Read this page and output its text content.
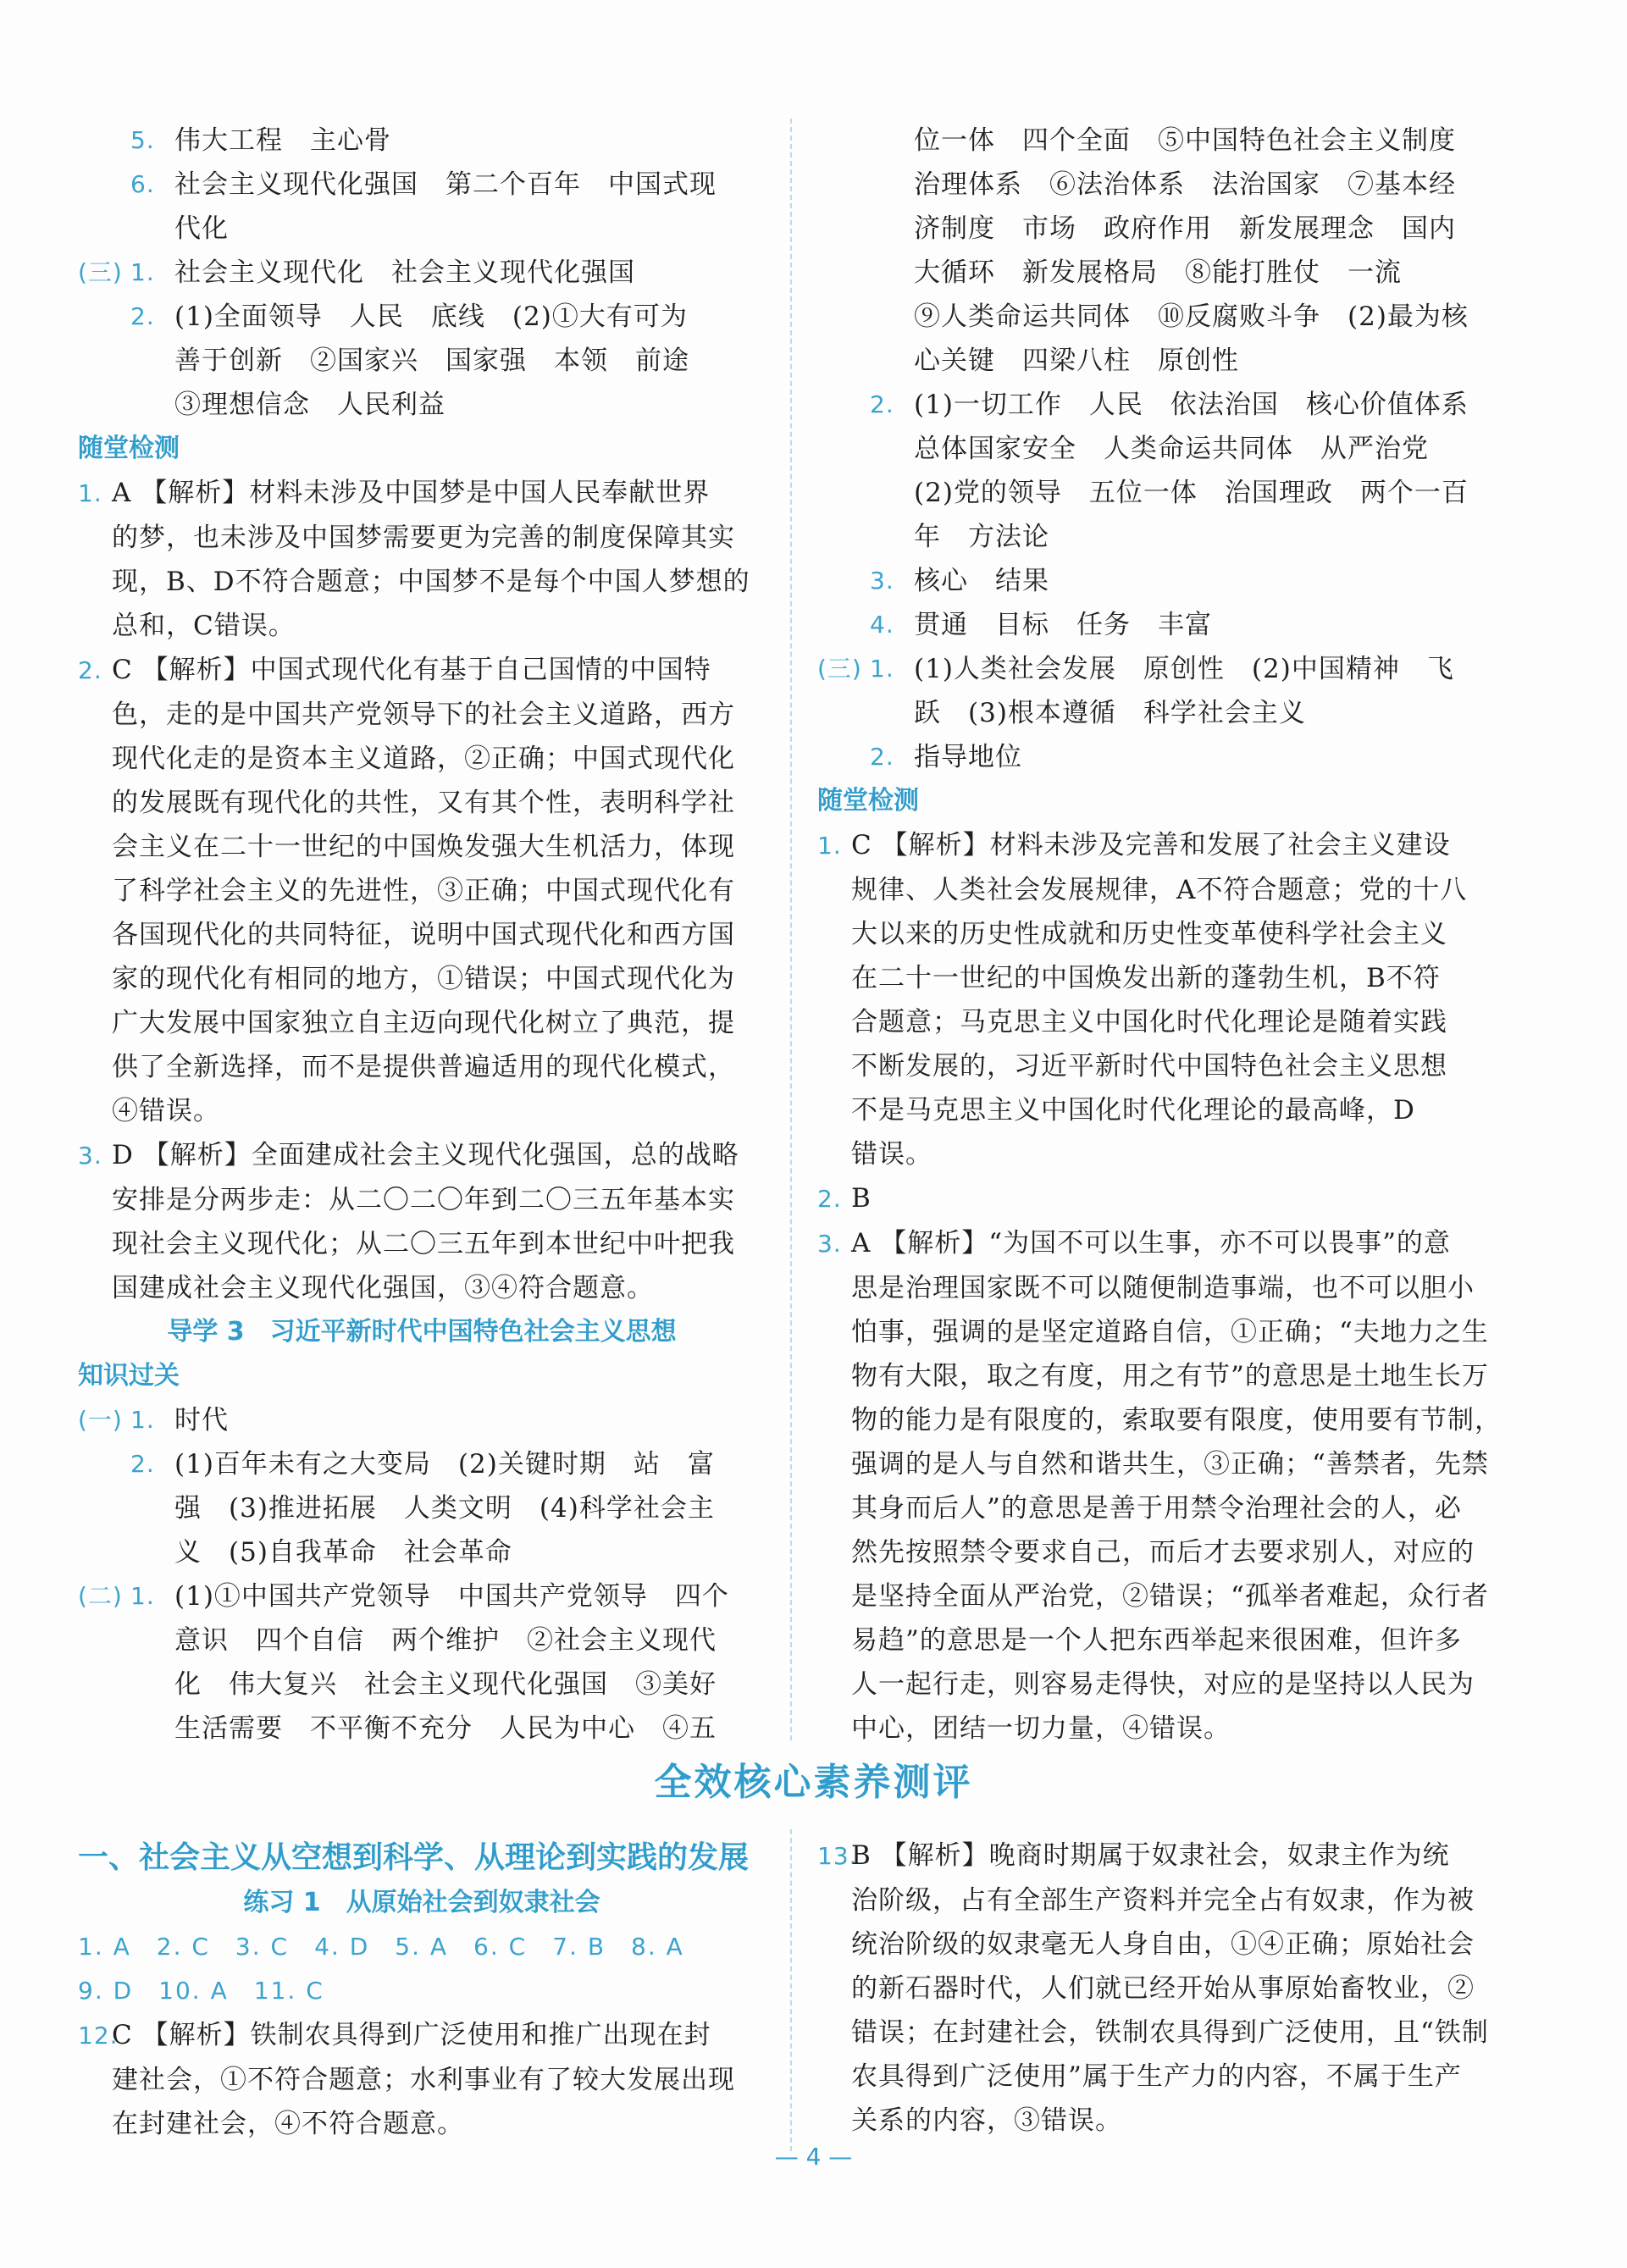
5. 伟大工程　主心骨
6. 社会主义现代化强国　第二个百年　中国式现
代化
(三) 1. 社会主义现代化　社会主义现代化强国
2. (1)全面领导　人民　底线　(2)①大有可为
善于创新　②国家兴　国家强　本领　前途
③理想信念　人民利益
随堂检测
1. A 【解析】材料未涉及中国梦是中国人民奉献世界
的梦，也未涉及中国梦需要更为完善的制度保障其实
现，B、D不符合题意；中国梦不是每个中国人梦想的
总和，C错误。
2. C 【解析】中国式现代化有基于自己国情的中国特
色，走的是中国共产党领导下的社会主义道路，西方
现代化走的是资本主义道路，②正确；中国式现代化
的发展既有现代化的共性，又有其个性，表明科学社
会主义在二十一世纪的中国焕发强大生机活力，体现
了科学社会主义的先进性，③正确；中国式现代化有
各国现代化的共同特征，说明中国式现代化和西方国
家的现代化有相同的地方，①错误；中国式现代化为
广大发展中国家独立自主迈向现代化树立了典范，提
供了全新选择，而不是提供普遍适用的现代化模式，
④错误。
3. D 【解析】全面建成社会主义现代化强国，总的战略
安排是分两步走：从二〇二〇年到二〇三五年基本实
现社会主义现代化；从二〇三五年到本世纪中叶把我
国建成社会主义现代化强国，③④符合题意。
导学 3　习近平新时代中国特色社会主义思想
知识过关
(一) 1. 时代
2. (1)百年未有之大变局　(2)关键时期　站　富
强　(3)推进拓展　人类文明　(4)科学社会主
义　(5)自我革命　社会革命
(二) 1. (1)①中国共产党领导　中国共产党领导　四个
意识　四个自信　两个维护　②社会主义现代
化　伟大复兴　社会主义现代化强国　③美好
生活需要　不平衡不充分　人民为中心　④五
位一体　四个全面　⑤中国特色社会主义制度
治理体系　⑥法治体系　法治国家　⑦基本经
济制度　市场　政府作用　新发展理念　国内
大循环　新发展格局　⑧能打胜仗　一流
⑨人类命运共同体　⑩反腐败斗争　(2)最为核
心关键　四梁八柱　原创性
2. (1)一切工作　人民　依法治国　核心价值体系
总体国家安全　人类命运共同体　从严治党
(2)党的领导　五位一体　治国理政　两个一百
年　方法论
3. 核心　结果
4. 贯通　目标　任务　丰富
(三) 1. (1)人类社会发展　原创性　(2)中国精神　飞
跃　(3)根本遵循　科学社会主义
2. 指导地位
随堂检测
1. C 【解析】材料未涉及完善和发展了社会主义建设
规律、人类社会发展规律，A不符合题意；党的十八
大以来的历史性成就和历史性变革使科学社会主义
在二十一世纪的中国焕发出新的蓬勃生机，B不符
合题意；马克思主义中国化时代化理论是随着实践
不断发展的，习近平新时代中国特色社会主义思想
不是马克思主义中国化时代化理论的最高峰，D
错误。
2. B
3. A 【解析】“为国不可以生事，亦不可以畏事”的意
思是治理国家既不可以随便制造事端，也不可以胆小
怕事，强调的是坚定道路自信，①正确；“夫地力之生
物有大限，取之有度，用之有节”的意思是土地生长万
物的能力是有限度的，索取要有限度，使用要有节制，
强调的是人与自然和谐共生，③正确；“善禁者，先禁
其身而后人”的意思是善于用禁令治理社会的人，必
然先按照禁令要求自己，而后才去要求别人，对应的
是坚持全面从严治党，②错误；“孤举者难起，众行者
易趋”的意思是一个人把东西举起来很困难，但许多
人一起行走，则容易走得快，对应的是坚持以人民为
中心，团结一切力量，④错误。
全效核心素养测评
一、社会主义从空想到科学、从理论到实践的发展
练习 1　从原始社会到奴隶社会
1. A　2. C　3. C　4. D　5. A　6. C　7. B　8. A
9. D　10. A　11. C
12.C 【解析】铁制农具得到广泛使用和推广出现在封
建社会，①不符合题意；水利事业有了较大发展出现
在封建社会，④不符合题意。
13.B 【解析】晚商时期属于奴隶社会，奴隶主作为统
治阶级，占有全部生产资料并完全占有奴隶，作为被
统治阶级的奴隶毫无人身自由，①④正确；原始社会
的新石器时代，人们就已经开始从事原始畜牧业，②
错误；在封建社会，铁制农具得到广泛使用，且“铁制
农具得到广泛使用”属于生产力的内容，不属于生产
关系的内容，③错误。
— 4 —
